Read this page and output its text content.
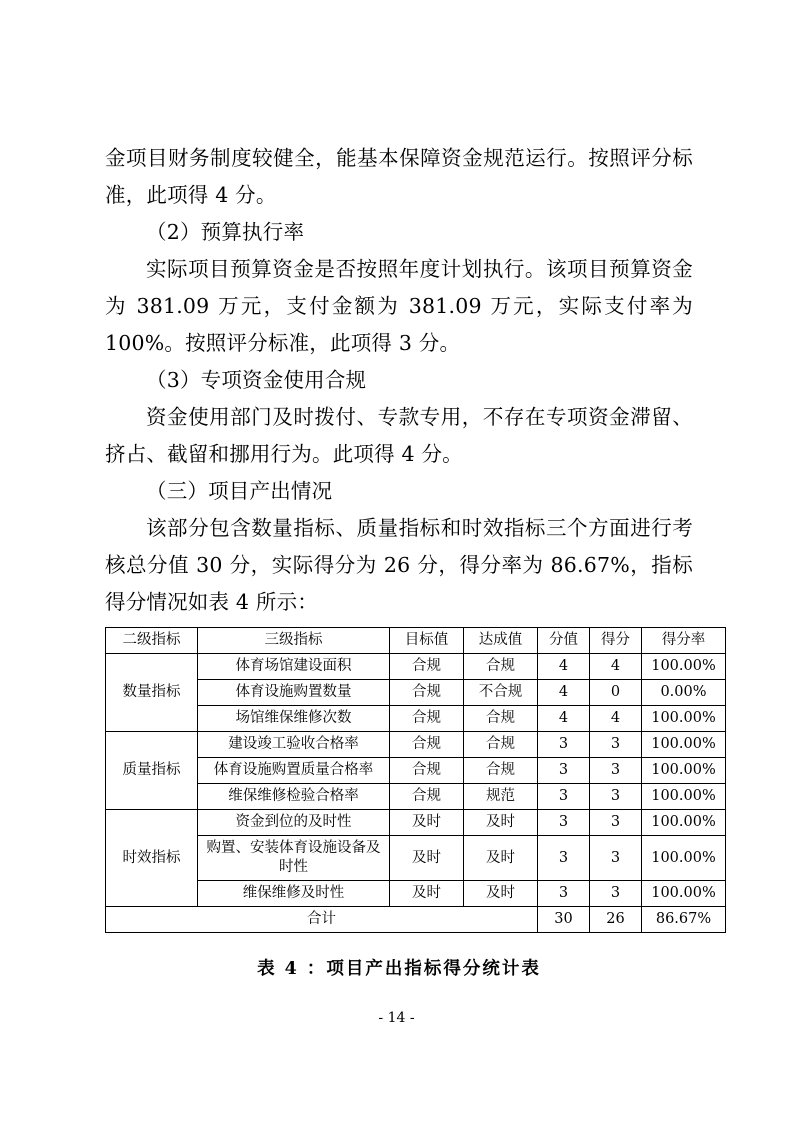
金项目财务制度较健全，能基本保障资金规范运行。按照评分标准，此项得 4 分。

（2）预算执行率

实际项目预算资金是否按照年度计划执行。该项目预算资金为 381.09 万元，支付金额为 381.09 万元，实际支付率为 100%。按照评分标准，此项得 3 分。

（3）专项资金使用合规

资金使用部门及时拨付、专款专用，不存在专项资金滞留、挤占、截留和挪用行为。此项得 4 分。

（三）项目产出情况

该部分包含数量指标、质量指标和时效指标三个方面进行考核总分值 30 分，实际得分为 26 分，得分率为 86.67%，指标得分情况如表 4 所示：

二级指标	三级指标	目标值	达成值	分值	得分	得分率
数量指标	体育场馆建设面积	合规	合规	4	4	100.00%
	体育设施购置数量	合规	不合规	4	0	0.00%
	场馆维保维修次数	合规	合规	4	4	100.00%
质量指标	建设竣工验收合格率	合规	合规	3	3	100.00%
	体育设施购置质量合格率	合规	合规	3	3	100.00%
	维保维修检验合格率	合规	规范	3	3	100.00%
时效指标	资金到位的及时性	及时	及时	3	3	100.00%
	购置、安装体育设施设备及时性	及时	及时	3	3	100.00%
	维保维修及时性	及时	及时	3	3	100.00%
合计				30	26	86.67%
表 4 ：项目产出指标得分统计表
- 14 -
